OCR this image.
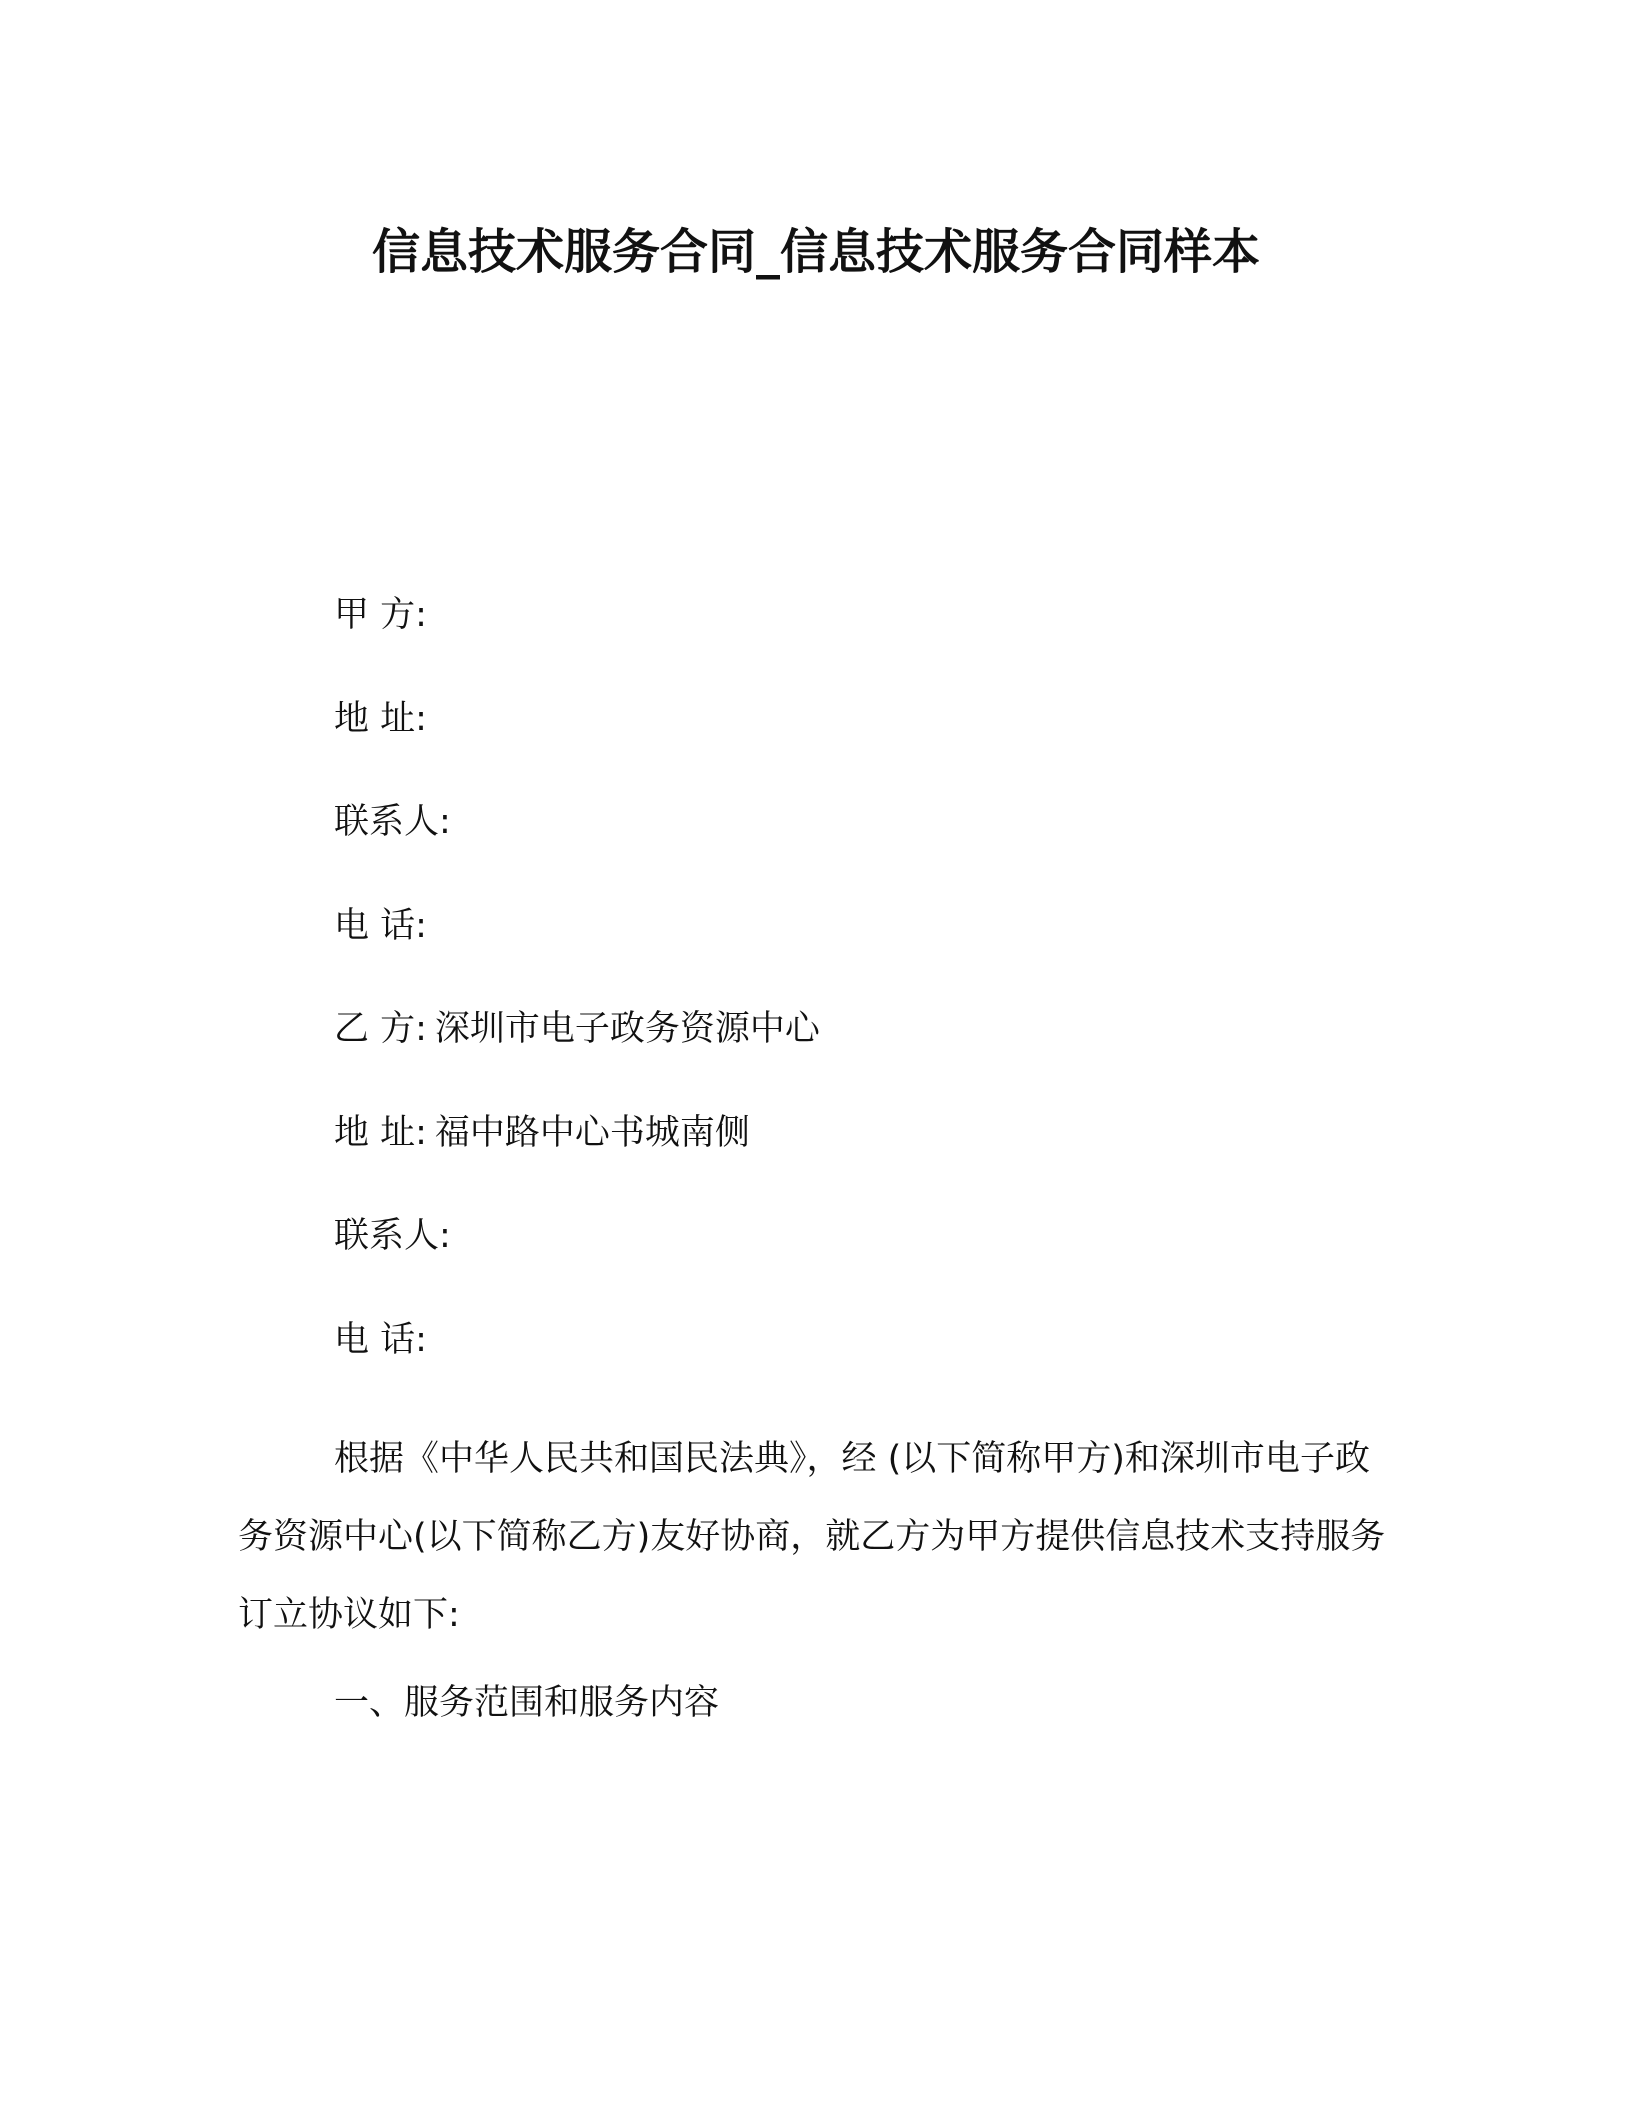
信息技术服务合同_信息技术服务合同样本
甲 方:
地 址:
联系人:
电 话:
乙 方: 深圳市电子政务资源中心
地 址: 福中路中心书城南侧
联系人:
电 话:

根据《中华人民共和国民法典》，经 (以下简称甲方)和深圳市电子政务资源中心(以下简称乙方)友好协商，就乙方为甲方提供信息技术支持服务订立协议如下:

一、服务范围和服务内容
